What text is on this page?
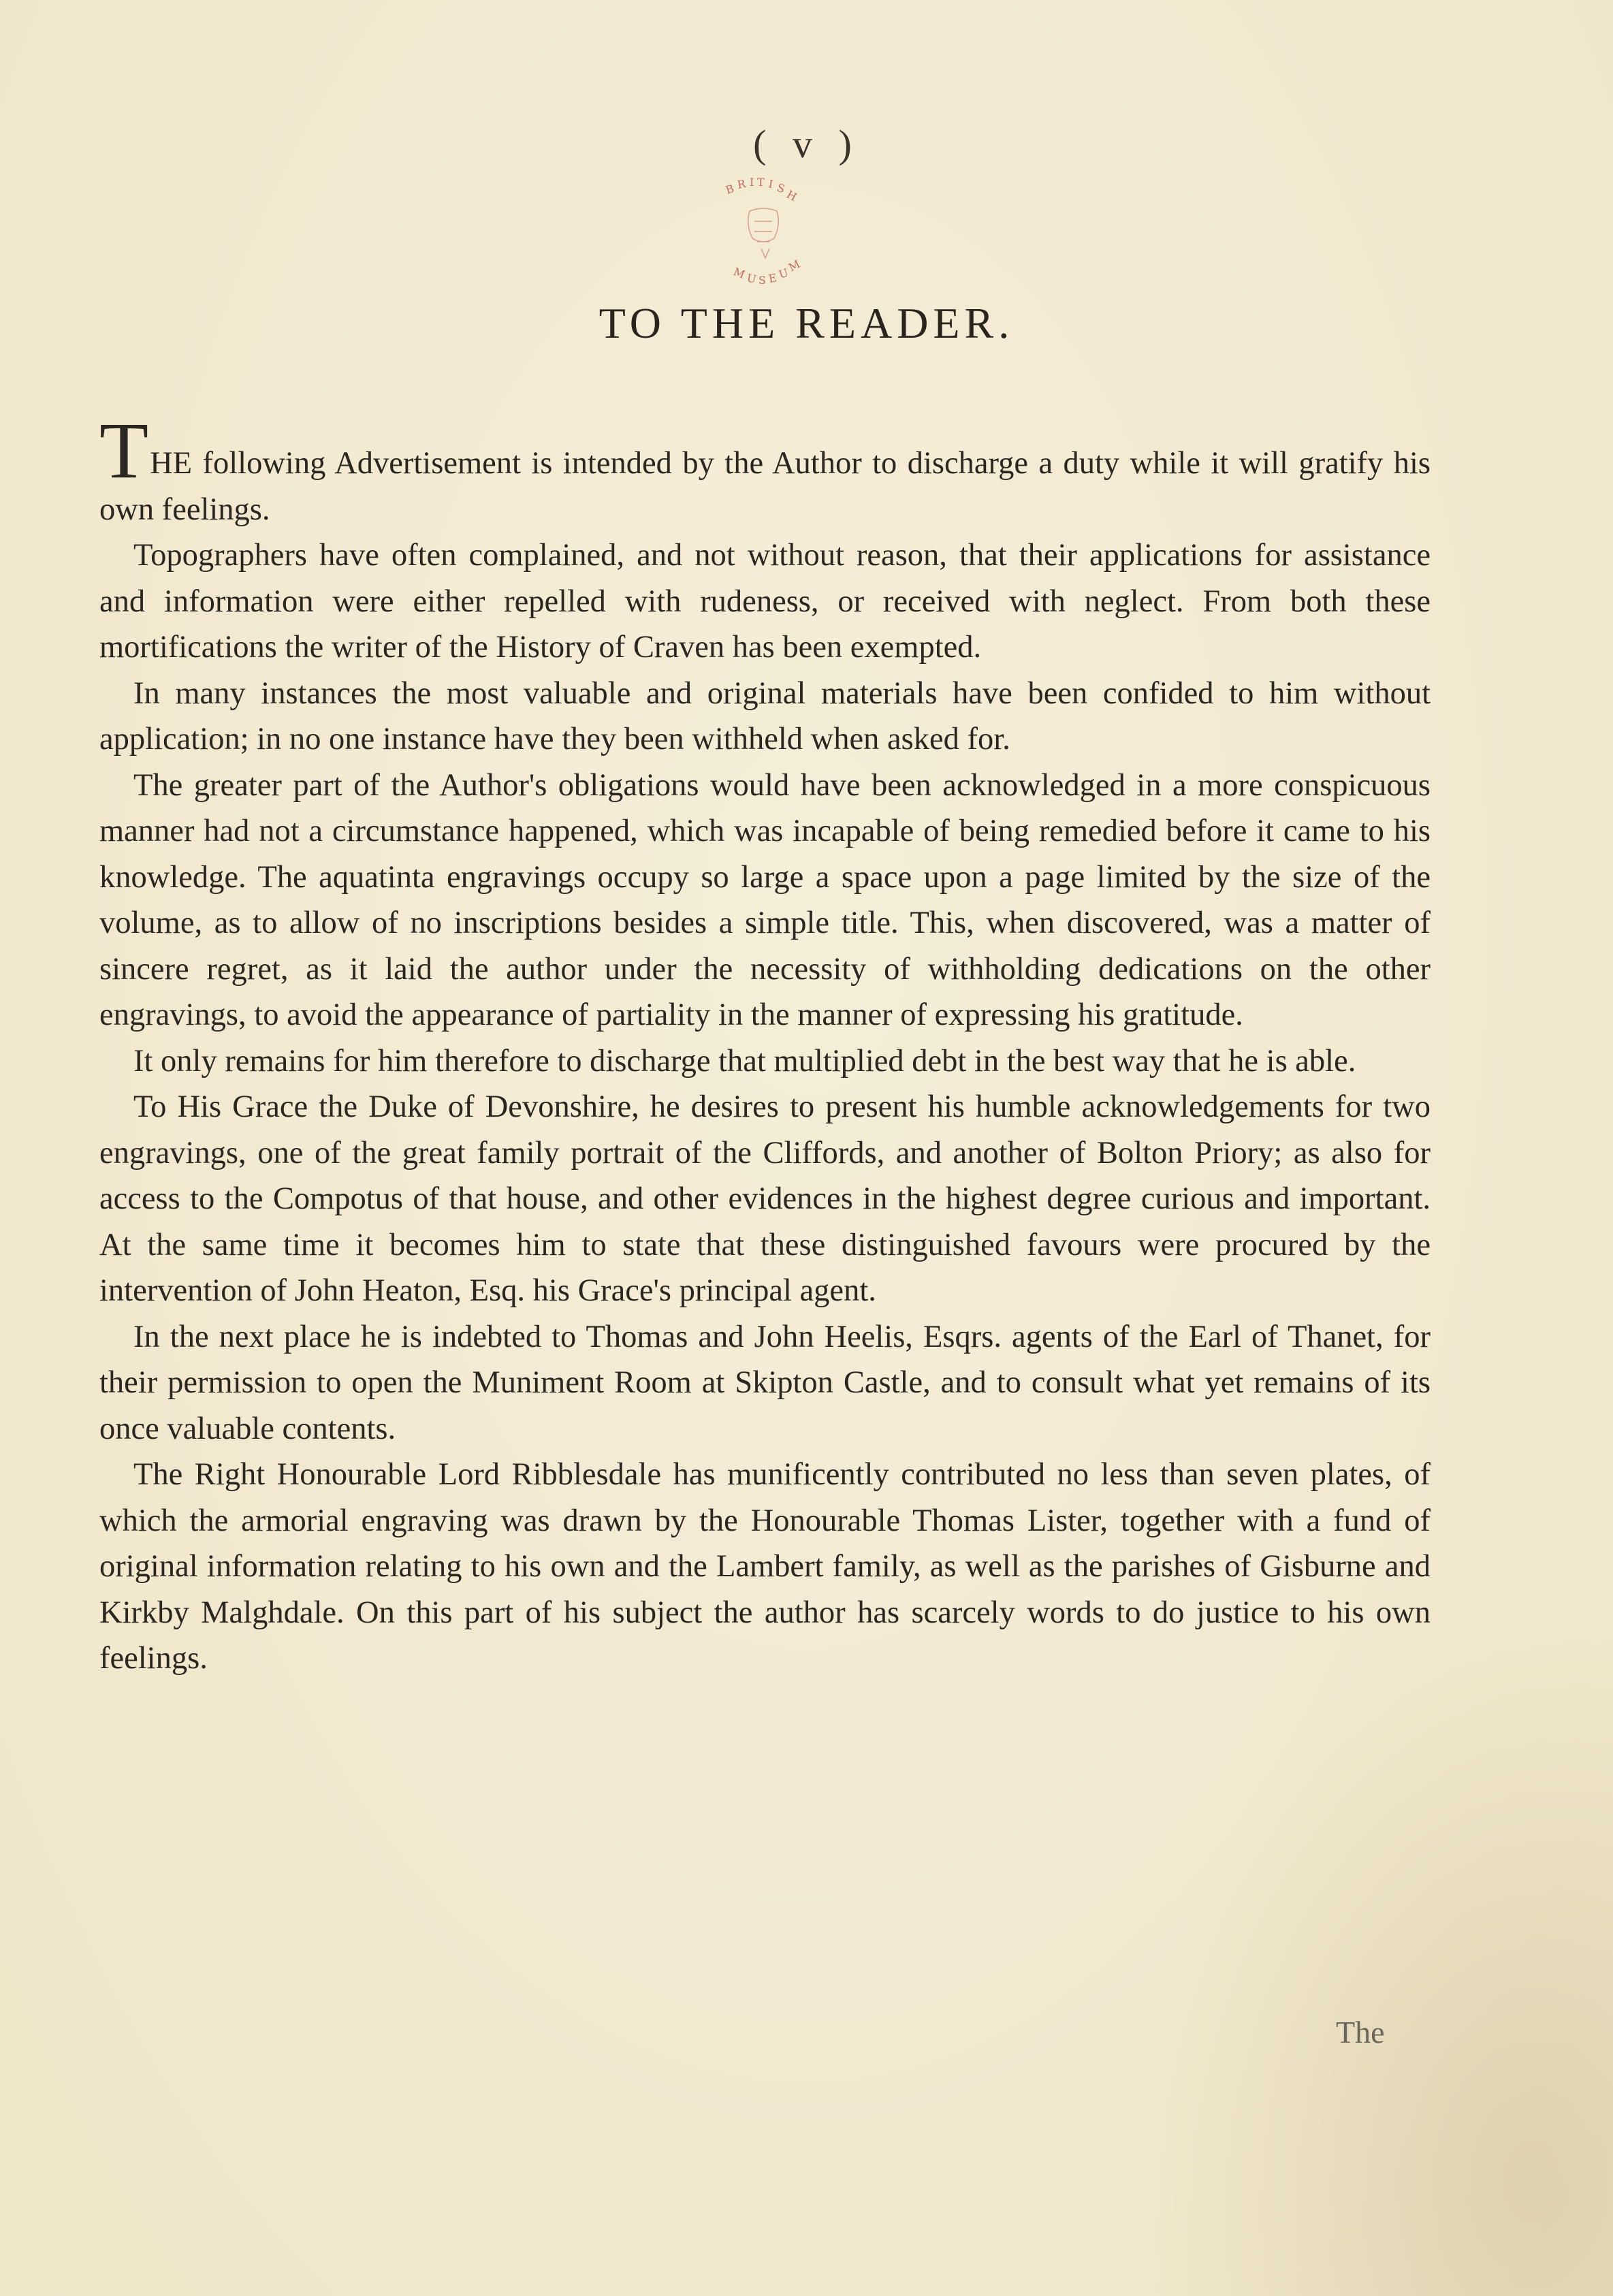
( v )
B R I T I S
H
M
U S E U
M
TO THE READER.

THE following Advertisement is intended by the Author to discharge a duty while it will gratify his own feelings.

Topographers have often complained, and not without reason, that their applications for assistance and information were either repelled with rudeness, or received with neglect. From both these mortifications the writer of the History of Craven has been exempted.

In many instances the most valuable and original materials have been confided to him without application; in no one instance have they been withheld when asked for.

The greater part of the Author's obligations would have been acknowledged in a more conspicuous manner had not a circumstance happened, which was incapable of being remedied before it came to his knowledge. The aquatinta engravings occupy so large a space upon a page limited by the size of the volume, as to allow of no inscriptions besides a simple title. This, when discovered, was a matter of sincere regret, as it laid the author under the necessity of withholding dedications on the other engravings, to avoid the appearance of partiality in the manner of expressing his gratitude.

It only remains for him therefore to discharge that multiplied debt in the best way that he is able.

To His Grace the Duke of Devonshire, he desires to present his humble acknowledgements for two engravings, one of the great family portrait of the Cliffords, and another of Bolton Priory; as also for access to the Compotus of that house, and other evidences in the highest degree curious and important. At the same time it becomes him to state that these distinguished favours were procured by the intervention of John Heaton, Esq. his Grace's principal agent.

In the next place he is indebted to Thomas and John Heelis, Esqrs. agents of the Earl of Thanet, for their permission to open the Muniment Room at Skipton Castle, and to consult what yet remains of its once valuable contents.

The Right Honourable Lord Ribblesdale has munificently contributed no less than seven plates, of which the armorial engraving was drawn by the Honourable Thomas Lister, together with a fund of original information relating to his own and the Lambert family, as well as the parishes of Gisburne and Kirkby Malghdale. On this part of his subject the author has scarcely words to do justice to his own feelings.

The
